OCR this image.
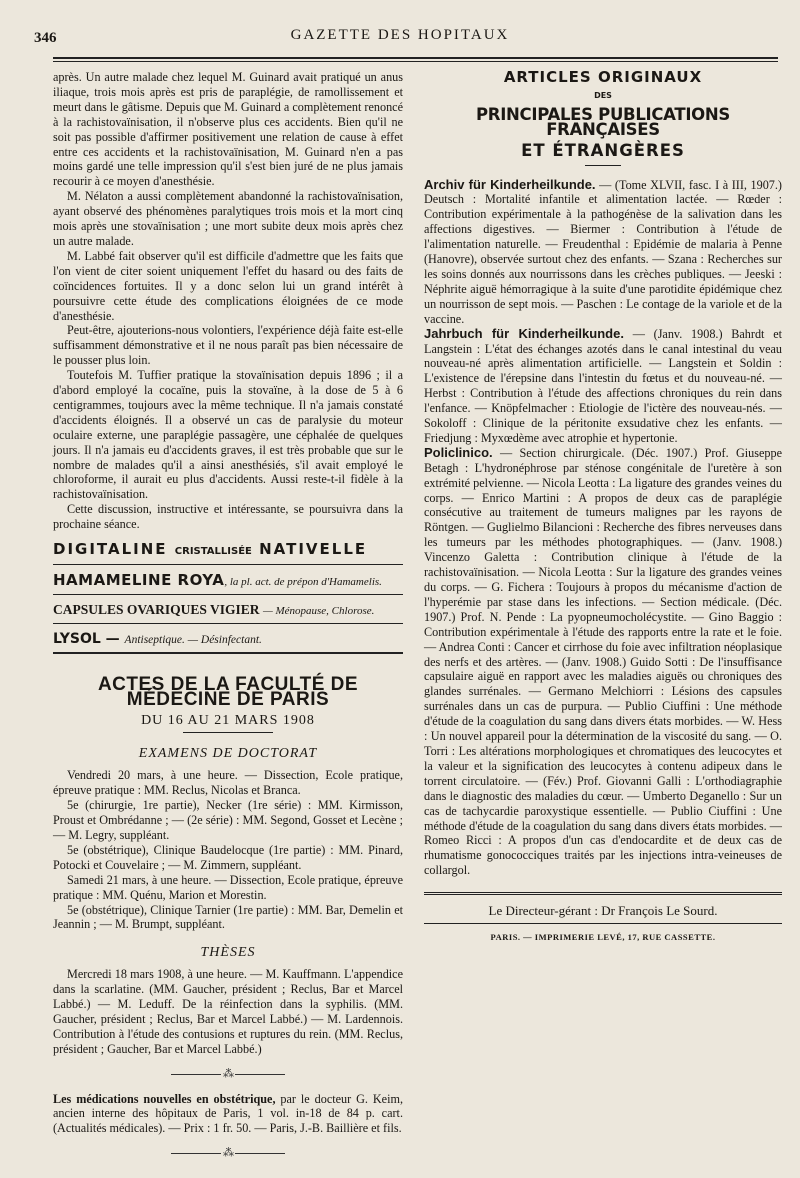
346	GAZETTE DES HOPITAUX

après. Un autre malade chez lequel M. Guinard avait pratiqué un anus iliaque, trois mois après est pris de paraplégie, de ramollissement et meurt dans le gâtisme. Depuis que M. Guinard a complètement renoncé à la rachistovaïnisation, il n'observe plus ces accidents. Bien qu'il ne soit pas possible d'affirmer positivement une relation de cause à effet entre ces accidents et la rachistovaïnisation, M. Guinard n'en a pas moins gardé une telle impression qu'il s'est bien juré de ne plus jamais recourir à ce moyen d'anesthésie.

M. Nélaton a aussi complètement abandonné la rachistovaïnisation, ayant observé des phénomènes paralytiques trois mois et la mort cinq mois après une stovaïnisation ; une mort subite deux mois après chez un autre malade.

M. Labbé fait observer qu'il est difficile d'admettre que les faits que l'on vient de citer soient uniquement l'effet du hasard ou des faits de coïncidences fortuites. Il y a donc selon lui un grand intérêt à poursuivre cette étude des complications éloignées de ce mode d'anesthésie.

Peut-être, ajouterions-nous volontiers, l'expérience déjà faite est-elle suffisamment démonstrative et il ne nous paraît pas bien nécessaire de le pousser plus loin.

Toutefois M. Tuffier pratique la stovaïnisation depuis 1896 ; il a d'abord employé la cocaïne, puis la stovaïne, à la dose de 5 à 6 centigrammes, toujours avec la même technique. Il n'a jamais constaté d'accidents éloignés. Il a observé un cas de paralysie du moteur oculaire externe, une paraplégie passagère, une céphalée de quelques jours. Il n'a jamais eu d'accidents graves, il est très probable que sur le nombre de malades qu'il a ainsi anesthésiés, s'il avait employé le chloroforme, il aurait eu plus d'accidents. Aussi reste-t-il fidèle à la rachistovaïnisation.

Cette discussion, instructive et intéressante, se poursuivra dans la prochaine séance.

DIGITALINE CRISTALLISÉE NATIVELLE
HAMAMELINE ROYA, la pl. act. de prépon d'Hamamelis.
CAPSULES OVARIQUES VIGIER — Ménopause, Chlorose.
LYSOL — Antiseptique. — Désinfectant.
ACTES DE LA FACULTÉ DE MÉDECINE DE PARIS
DU 16 AU 21 MARS 1908
EXAMENS DE DOCTORAT

Vendredi 20 mars, à une heure. — Dissection, Ecole pratique, épreuve pratique : MM. Reclus, Nicolas et Branca.

5e (chirurgie, 1re partie), Necker (1re série) : MM. Kirmisson, Proust et Ombrédanne ; — (2e série) : MM. Segond, Gosset et Lecène ; — M. Legry, suppléant.

5e (obstétrique), Clinique Baudelocque (1re partie) : MM. Pinard, Potocki et Couvelaire ; — M. Zimmern, suppléant.

Samedi 21 mars, à une heure. — Dissection, Ecole pratique, épreuve pratique : MM. Quénu, Marion et Morestin.

5e (obstétrique), Clinique Tarnier (1re partie) : MM. Bar, Demelin et Jeannin ; — M. Brumpt, suppléant.

THÈSES

Mercredi 18 mars 1908, à une heure. — M. Kauffmann. L'appendice dans la scarlatine. (MM. Gaucher, président ; Reclus, Bar et Marcel Labbé.) — M. Leduff. De la réinfection dans la syphilis. (MM. Gaucher, président ; Reclus, Bar et Marcel Labbé.) — M. Lardennois. Contribution à l'étude des contusions et ruptures du rein. (MM. Reclus, président ; Gaucher, Bar et Marcel Labbé.)

⁂

Les médications nouvelles en obstétrique, par le docteur G. Keim, ancien interne des hôpitaux de Paris, 1 vol. in-18 de 84 p. cart. (Actualités médicales). — Prix : 1 fr. 50. — Paris, J.-B. Baillière et fils.

⁂
ARTICLES ORIGINAUX
DES
PRINCIPALES PUBLICATIONS FRANÇAISES
ET ÉTRANGÈRES

Archiv für Kinderheilkunde. — (Tome XLVII, fasc. I à III, 1907.) Deutsch : Mortalité infantile et alimentation lactée. — Rœder : Contribution expérimentale à la pathogénèse de la salivation dans les affections digestives. — Biermer : Contribution à l'étude de l'alimentation naturelle. — Freudenthal : Epidémie de malaria à Penne (Hanovre), observée surtout chez des enfants. — Szana : Recherches sur les soins donnés aux nourrissons dans les crèches publiques. — Jeeski : Néphrite aiguë hémorragique à la suite d'une parotidite épidémique chez un nourrisson de sept mois. — Paschen : Le contage de la variole et de la vaccine.

Jahrbuch für Kinderheilkunde. — (Janv. 1908.) Bahrdt et Langstein : L'état des échanges azotés dans le canal intestinal du veau nouveau-né après alimentation artificielle. — Langstein et Soldin : L'existence de l'érepsine dans l'intestin du fœtus et du nouveau-né. — Herbst : Contribution à l'étude des affections chroniques du rein dans l'enfance. — Knöpfelmacher : Etiologie de l'ictère des nouveau-nés. — Sokoloff : Clinique de la péritonite exsudative chez les enfants. — Friedjung : Myxœdème avec atrophie et hypertonie.

Policlinico. — Section chirurgicale. (Déc. 1907.) Prof. Giuseppe Betagh : L'hydronéphrose par sténose congénitale de l'uretère à son extrémité pelvienne. — Nicola Leotta : La ligature des grandes veines du corps. — Enrico Martini : A propos de deux cas de paraplégie consécutive au traitement de tumeurs malignes par les rayons de Röntgen. — Guglielmo Bilancioni : Recherche des fibres nerveuses dans les tumeurs par les méthodes photographiques. — (Janv. 1908.) Vincenzo Galetta : Contribution clinique à l'étude de la rachistovaïnisation. — Nicola Leotta : Sur la ligature des grandes veines du corps. — G. Fichera : Toujours à propos du mécanisme d'action de l'hyperémie par stase dans les infections. — Section médicale. (Déc. 1907.) Prof. N. Pende : La pyopneumocholécystite. — Gino Baggio : Contribution expérimentale à l'étude des rapports entre la rate et le foie. — Andrea Conti : Cancer et cirrhose du foie avec infiltration néoplasique des nerfs et des artères. — (Janv. 1908.) Guido Sotti : De l'insuffisance capsulaire aiguë en rapport avec les maladies aiguës ou chroniques des glandes surrénales. — Germano Melchiorri : Lésions des capsules surrénales dans un cas de purpura. — Publio Ciuffini : Une méthode d'étude de la coagulation du sang dans divers états morbides. — W. Hess : Un nouvel appareil pour la détermination de la viscosité du sang. — O. Torri : Les altérations morphologiques et chromatiques des leucocytes et la valeur et la signification des leucocytes à contenu adipeux dans le torrent circulatoire. — (Fév.) Prof. Giovanni Galli : L'orthodiagraphie dans le diagnostic des maladies du cœur. — Umberto Deganello : Sur un cas de tachycardie paroxystique essentielle. — Publio Ciuffini : Une méthode d'étude de la coagulation du sang dans divers états morbides. — Romeo Ricci : A propos d'un cas d'endocardite et de deux cas de rhumatisme gonococciques traités par les injections intra-veineuses de collargol.

Le Directeur-gérant : Dr François Le Sourd.
PARIS. — IMPRIMERIE LEVÉ, 17, RUE CASSETTE.
